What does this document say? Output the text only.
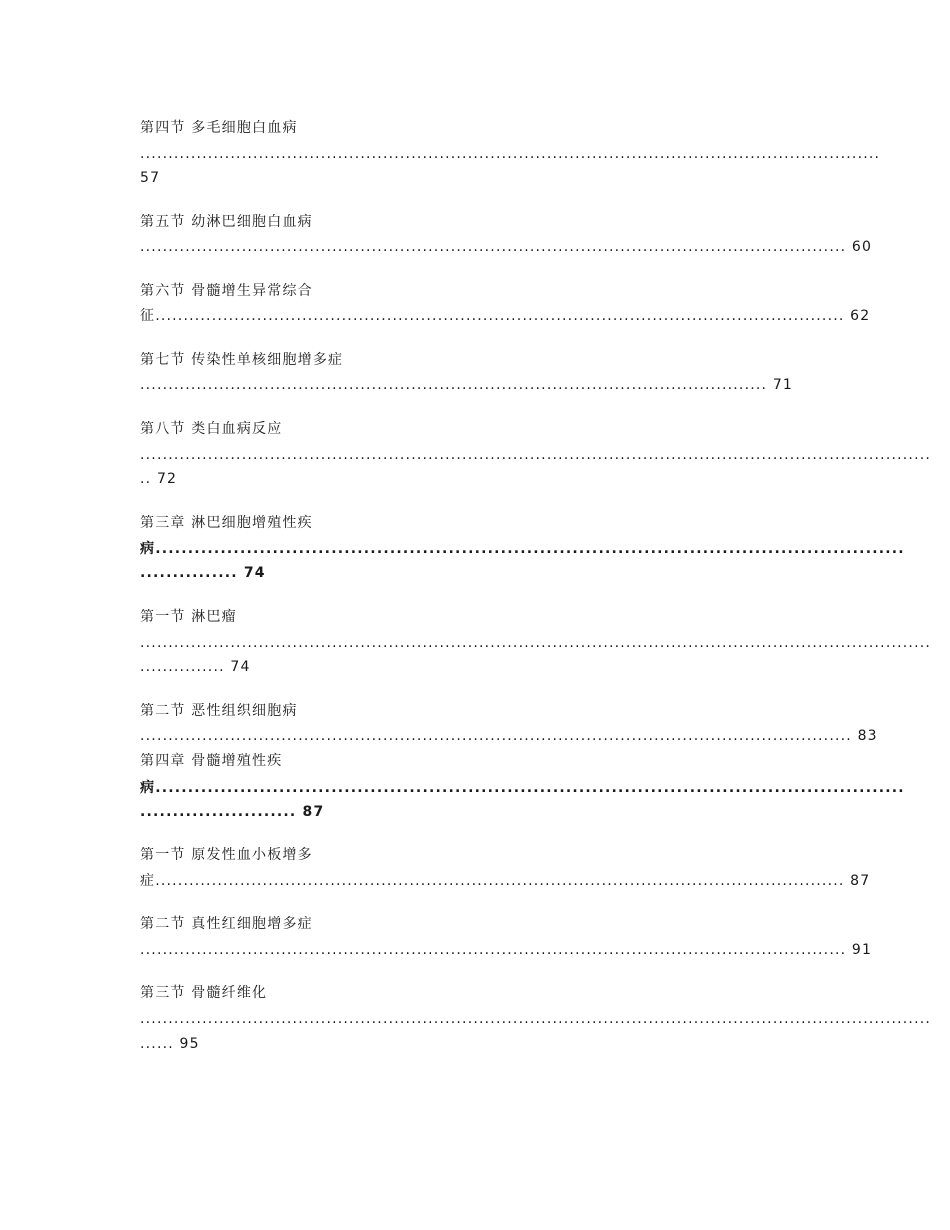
第四节 多毛细胞白血病
...................................................................................................................................
57
第五节 幼淋巴细胞白血病
............................................................................................................................. 60
第六节 骨髓增生异常综合
征.......................................................................................................................... 62
第七节 传染性单核细胞增多症
............................................................................................................... 71
第八节 类白血病反应
............................................................................................................................................
.. 72
第三章 淋巴细胞增殖性疾
病...................................................................................................................
............... 74
第一节 淋巴瘤
............................................................................................................................................
............... 74
第二节 恶性组织细胞病
.............................................................................................................................. 83
第四章 骨髓增殖性疾
病...................................................................................................................
........................ 87
第一节 原发性血小板增多
症.......................................................................................................................... 87
第二节 真性红细胞增多症
............................................................................................................................. 91
第三节 骨髓纤维化
............................................................................................................................................
...... 95
